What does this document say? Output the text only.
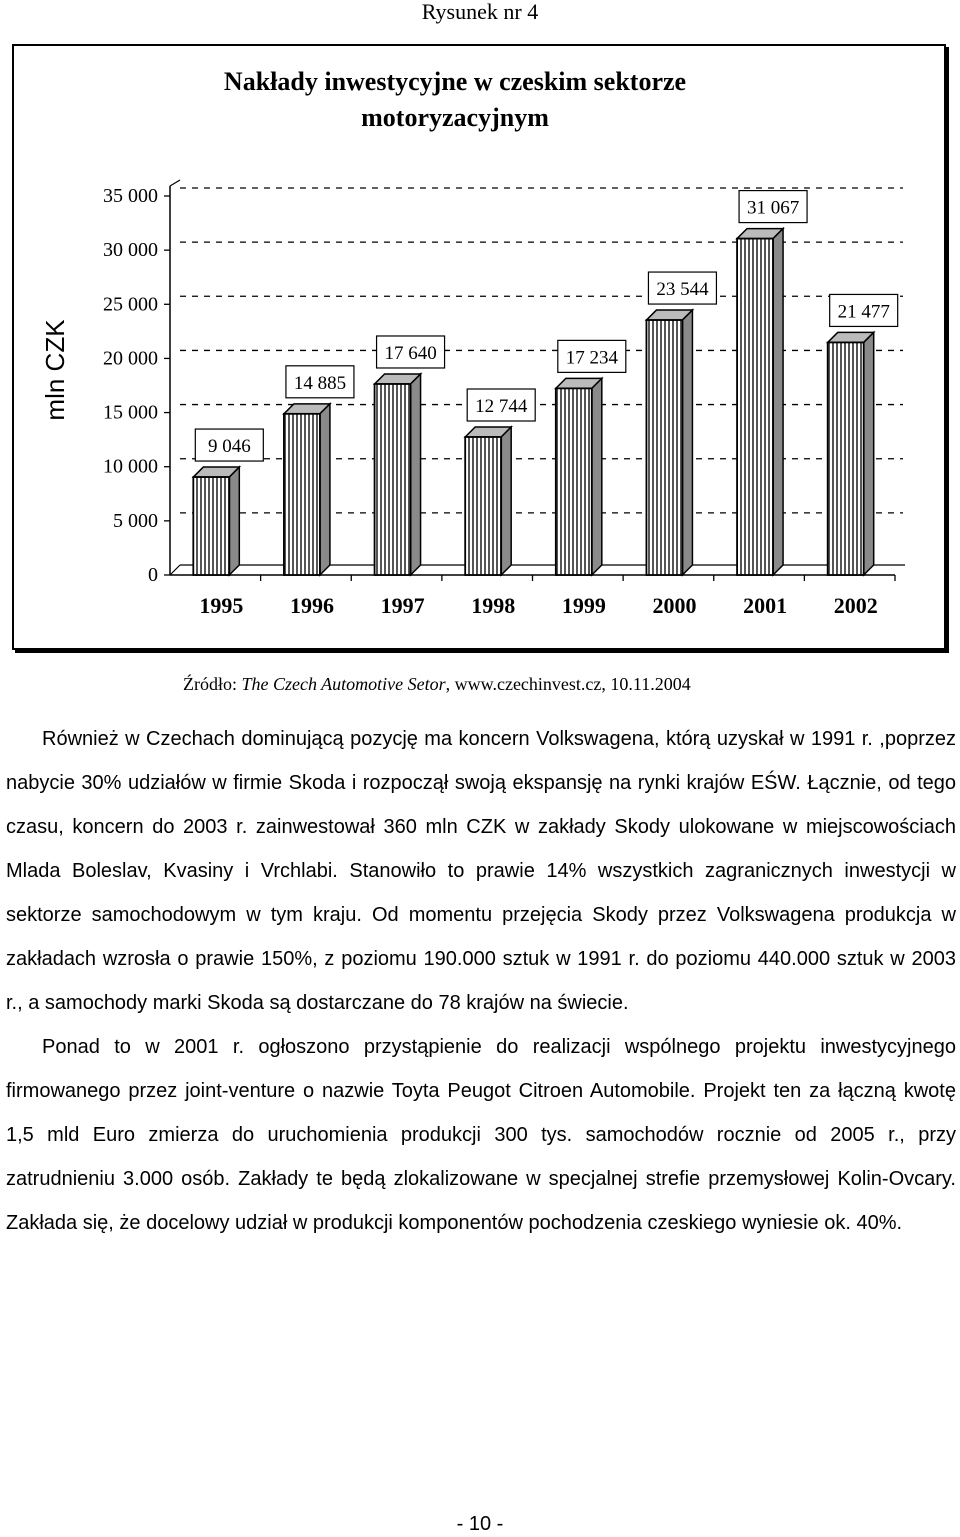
Rysunek nr 4
Nakłady inwestycyjne w czeskim sektorze motoryzacyjnym
9 046
14 885
17 640
12 744
17 234
23 544
31 067
21 477
0
5 000
10 000
15 000
20 000
25 000
30 000
35 000
1995 1996 1997 1998 1999 2000 2001 2002
mln CZK
Źródło: The Czech Automotive Setor, www.czechinvest.cz, 10.11.2004

Również w Czechach dominującą pozycję ma koncern Volkswagena, którą uzyskał w 1991 r. ,poprzez nabycie 30% udziałów w firmie Skoda i rozpoczął swoją ekspansję na rynki krajów EŚW. Łącznie, od tego czasu, koncern do 2003 r. zainwestował 360 mln CZK w zakłady Skody ulokowane w miejscowościach Mlada Boleslav, Kvasiny i Vrchlabi. Stanowiło to prawie 14% wszystkich zagranicznych inwestycji w sektorze samochodowym w tym kraju. Od momentu przejęcia Skody przez Volkswagena produkcja w zakładach wzrosła o prawie 150%, z poziomu 190.000 sztuk w 1991 r. do poziomu 440.000 sztuk w 2003 r., a samochody marki Skoda są dostarczane do 78 krajów na świecie.

Ponad to w 2001 r. ogłoszono przystąpienie do realizacji wspólnego projektu inwestycyjnego firmowanego przez joint-venture o nazwie Toyta Peugot Citroen Automobile. Projekt ten za łączną kwotę 1,5 mld Euro zmierza do uruchomienia produkcji 300 tys. samochodów rocznie od 2005 r., przy zatrudnieniu 3.000 osób. Zakłady te będą zlokalizowane w specjalnej strefie przemysłowej Kolin-Ovcary. Zakłada się, że docelowy udział w produkcji komponentów pochodzenia czeskiego wyniesie ok. 40%.

- 10 -
